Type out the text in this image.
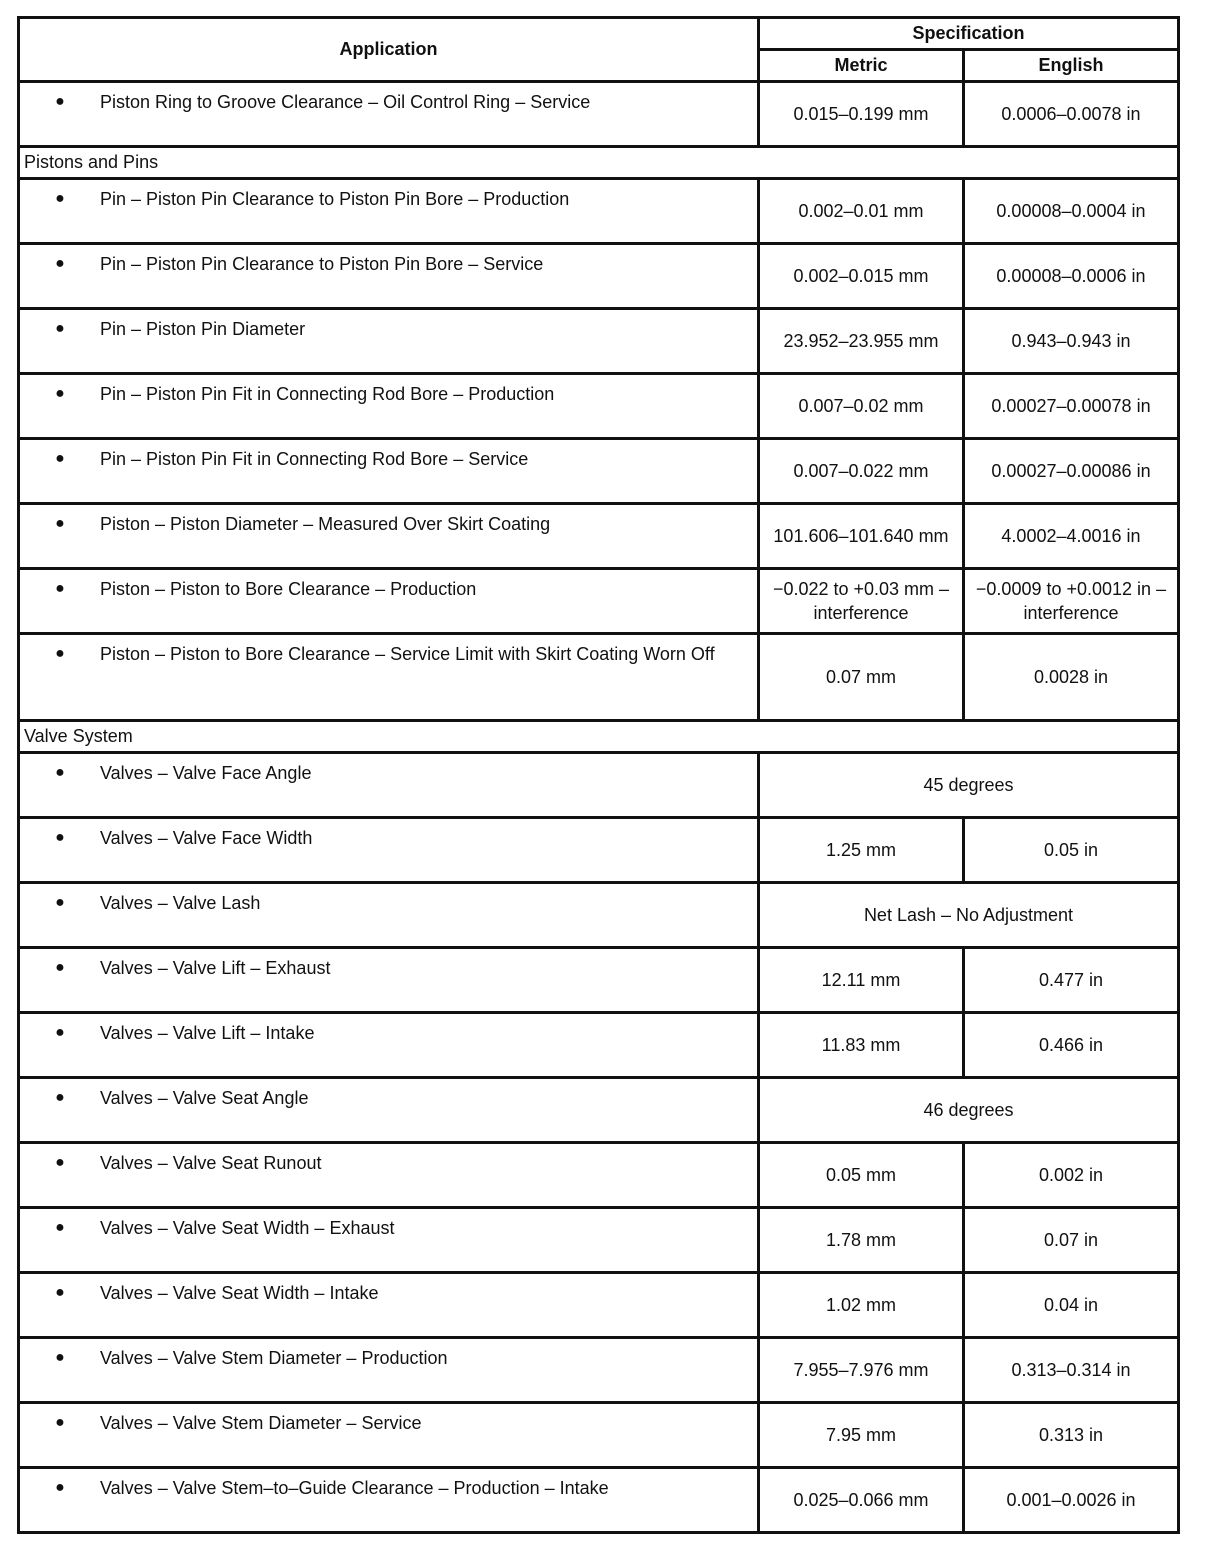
Application	Specification	
	Metric	English

● Piston Ring to Groove Clearance – Oil Control Ring – Service	0.015–0.199 mm	0.0006–0.0078 in
Pistons and Pins		

● Pin – Piston Pin Clearance to Piston Pin Bore – Production	0.002–0.01 mm	0.00008–0.0004 in

● Pin – Piston Pin Clearance to Piston Pin Bore – Service	0.002–0.015 mm	0.00008–0.0006 in

● Pin – Piston Pin Diameter	23.952–23.955 mm	0.943–0.943 in

● Pin – Piston Pin Fit in Connecting Rod Bore – Production	0.007–0.02 mm	0.00027–0.00078 in

● Pin – Piston Pin Fit in Connecting Rod Bore – Service	0.007–0.022 mm	0.00027–0.00086 in

● Piston – Piston Diameter – Measured Over Skirt Coating	101.606–101.640 mm	4.0002–4.0016 in

● Piston – Piston to Bore Clearance – Production	−0.022 to +0.03 mm –
interference	−0.0009 to +0.0012 in –
interference

● Piston – Piston to Bore Clearance – Service Limit with Skirt Coating Worn Off	0.07 mm	0.0028 in
Valve System		

● Valves – Valve Face Angle	45 degrees	

● Valves – Valve Face Width	1.25 mm	0.05 in

● Valves – Valve Lash	Net Lash – No Adjustment	

● Valves – Valve Lift – Exhaust	12.11 mm	0.477 in

● Valves – Valve Lift – Intake	11.83 mm	0.466 in

● Valves – Valve Seat Angle	46 degrees	

● Valves – Valve Seat Runout	0.05 mm	0.002 in

● Valves – Valve Seat Width – Exhaust	1.78 mm	0.07 in

● Valves – Valve Seat Width – Intake	1.02 mm	0.04 in

● Valves – Valve Stem Diameter – Production	7.955–7.976 mm	0.313–0.314 in

● Valves – Valve Stem Diameter – Service	7.95 mm	0.313 in

● Valves – Valve Stem–to–Guide Clearance – Production – Intake	0.025–0.066 mm	0.001–0.0026 in
